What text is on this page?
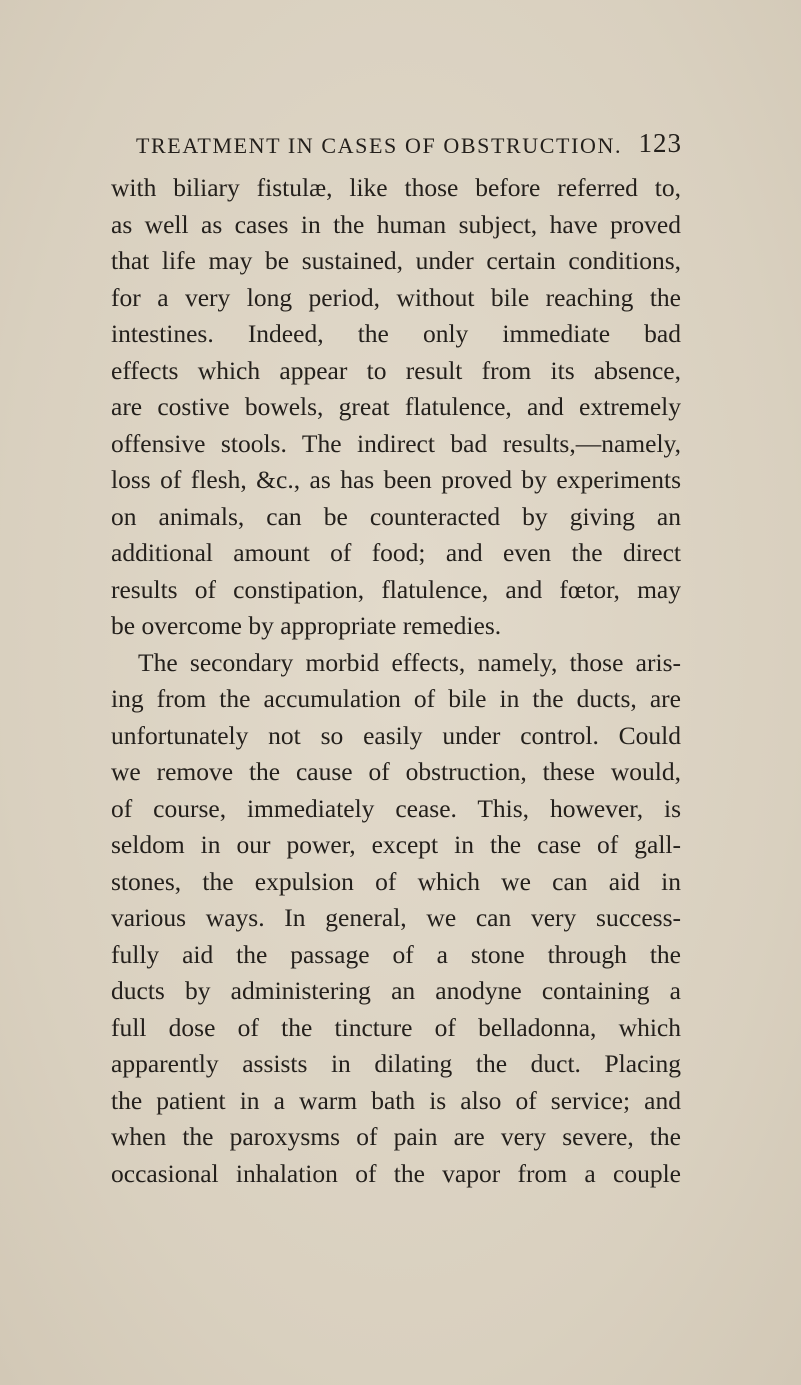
TREATMENT IN CASES OF OBSTRUCTION. 123
with biliary fistulæ, like those before referred to,
as well as cases in the human subject, have proved
that life may be sustained, under certain conditions,
for a very long period, without bile reaching the
intestines. Indeed, the only immediate bad
effects which appear to result from its absence,
are costive bowels, great flatulence, and extremely
offensive stools. The indirect bad results,—namely,
loss of flesh, &c., as has been proved by experiments
on animals, can be counteracted by giving an
additional amount of food; and even the direct
results of constipation, flatulence, and fœtor, may
be overcome by appropriate remedies.
The secondary morbid effects, namely, those aris-
ing from the accumulation of bile in the ducts, are
unfortunately not so easily under control. Could
we remove the cause of obstruction, these would,
of course, immediately cease. This, however, is
seldom in our power, except in the case of gall-
stones, the expulsion of which we can aid in
various ways. In general, we can very success-
fully aid the passage of a stone through the
ducts by administering an anodyne containing a
full dose of the tincture of belladonna, which
apparently assists in dilating the duct. Placing
the patient in a warm bath is also of service; and
when the paroxysms of pain are very severe, the
occasional inhalation of the vapor from a couple
